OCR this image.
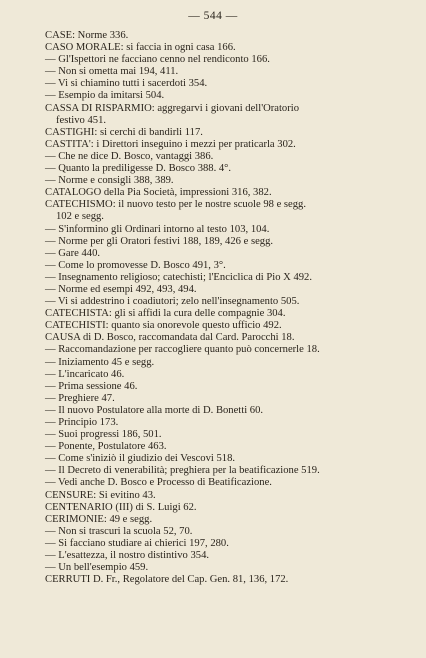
— 544 —
CASE: Norme 336.
CASO MORALE: si faccia in ogni casa 166.
— Gl'Ispettori ne facciano cenno nel rendiconto 166.
— Non si ometta mai 194, 411.
— Vi si chiamino tutti i sacerdoti 354.
— Esempio da imitarsi 504.
CASSA DI RISPARMIO: aggregarvi i giovani dell'Oratorio
festivo 451.
CASTIGHI: si cerchi di bandirli 117.
CASTITA': i Direttori inseguino i mezzi per praticarla 302.
— Che ne dice D. Bosco, vantaggi 386.
— Quanto la prediligesse D. Bosco 388. 4°.
— Norme e consigli 388, 389.
CATALOGO della Pia Società, impressioni 316, 382.
CATECHISMO: il nuovo testo per le nostre scuole 98 e segg.
102 e segg.
— S'informino gli Ordinari intorno al testo 103, 104.
— Norme per gli Oratori festivi 188, 189, 426 e segg.
— Gare 440.
— Come lo promovesse D. Bosco 491, 3°.
— Insegnamento religioso; catechisti; l'Enciclica di Pio X 492.
— Norme ed esempi 492, 493, 494.
— Vi si addestrino i coadiutori; zelo nell'insegnamento 505.
CATECHISTA: gli si affidi la cura delle compagnie 304.
CATECHISTI: quanto sia onorevole questo ufficio 492.
CAUSA di D. Bosco, raccomandata dal Card. Parocchi 18.
— Raccomandazione per raccogliere quanto può concernerle 18.
— Iniziamento 45 e segg.
— L'incaricato 46.
— Prima sessione 46.
— Preghiere 47.
— Il nuovo Postulatore alla morte di D. Bonetti 60.
— Principio 173.
— Suoi progressi 186, 501.
— Ponente, Postulatore 463.
— Come s'iniziò il giudizio dei Vescovi 518.
— Il Decreto di venerabilità; preghiera per la beatificazione 519.
— Vedi anche D. Bosco e Processo di Beatificazione.
CENSURE: Si evitino 43.
CENTENARIO (III) di S. Luigi 62.
CERIMONIE: 49 e segg.
— Non si trascuri la scuola 52, 70.
— Si facciano studiare ai chierici 197, 280.
— L'esattezza, il nostro distintivo 354.
— Un bell'esempio 459.
CERRUTI D. Fr., Regolatore del Cap. Gen. 81, 136, 172.
